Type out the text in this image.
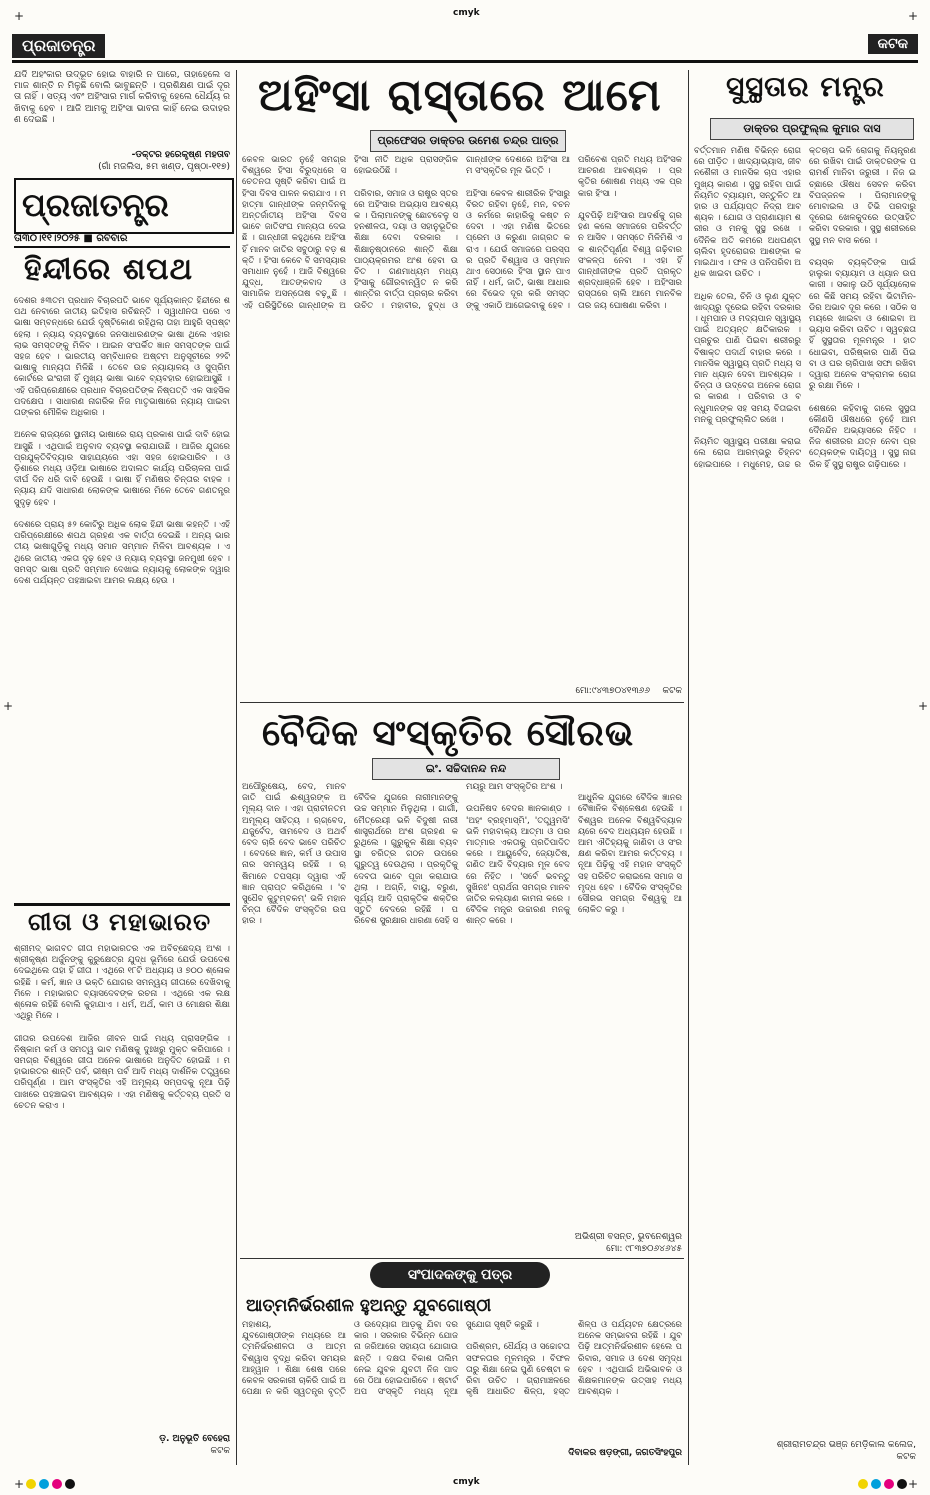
+	+
+	+
+	+
cmyk
cmyk
ପ୍ରଜାତନ୍ତ୍ର	କଟକ
ଯଦି ଅହଂକାର ଉଦ୍ଭୂତ ହୋଇ ବାହାରି ନ ପାରେ, ତାହାହେଲେ ସମାଜ ଶାନ୍ତି ନ ମିଳୁଛି ବୋଲି ଭାବୁଛନ୍ତି । ପ୍ରଶିକ୍ଷଣ ପାଇଁ ଦୂରତା ନାହିଁ । ସତ୍ୟ ଏବଂ ଅହିଂସାର ମାର୍ଗ କରିବାକୁ ହେଲେ ଧୈର୍ଯ୍ୟ ରଖିବାକୁ ହେବ । ଆଜି ଆମକୁ ଅହିଂସା ଭାବନା କାହିଁ ନେଇ ଉଦାହରଣ ଦେଇଛି ।
-ଡକ୍ଟର ହରେକୃଷ୍ଣ ମହତାବ
(ଗାଁ ମଜଲିସ, ୫ମ ଖଣ୍ଡ, ପୃଷ୍ଠା-୧୧୭)
ପ୍ରଜାତନ୍ତ୍ର
ତା୩୦।୧୧।୨୦୨୫ ■ ରବିବାର
ହିନ୍ଦୀରେ ଶପଥ
ଦେଶର ୫୩ତମ ପ୍ରଧାନ ବିଚାରପତି ଭାବେ ସୂର୍ଯ୍ୟକାନ୍ତ ହିନ୍ଦୀରେ ଶପଥ ନେବାରେ ଜାତୀୟ ଇତିହାସ ରଚିଛନ୍ତି । ସ୍ୱାଧୀନତା ପରେ ଏ ଭାଷା ସମ୍ବନ୍ଧରେ ଯେଉଁ ଦୃଷ୍ଟିକୋଣ ରହିଥିଲା ତାହା ଆହୁରି ସ୍ପଷ୍ଟ ହେଲା । ନ୍ୟାୟ ବ୍ୟବସ୍ଥାରେ ଜନସାଧାରଣଙ୍କ ଭାଷା ଥିଲେ ଏହାର ଲାଭ ସମସ୍ତଙ୍କୁ ମିଳିବ । ଆଇନ ସଂପର୍କିତ ଜ୍ଞାନ ସମସ୍ତଙ୍କ ପାଇଁ ସହଜ ହେବ । ଭାରତୀୟ ସମ୍ବିଧାନର ଅଷ୍ଟମ ଅନୁସୂଚୀରେ ୨୨ଟି ଭାଷାକୁ ମାନ୍ୟତା ମିଳିଛି । ତେବେ ଉଚ୍ଚ ନ୍ୟାୟାଳୟ ଓ ସୁପ୍ରିମ କୋର୍ଟରେ ଇଂରାଜୀ ହିଁ ମୁଖ୍ୟ ଭାଷା ଭାବେ ବ୍ୟବହାର ହୋଇଆସୁଛି । ଏହି ପରିପ୍ରେକ୍ଷୀରେ ପ୍ରଧାନ ବିଚାରପତିଙ୍କ ନିଷ୍ପତ୍ତି ଏକ ସାହସିକ ପଦକ୍ଷେପ । ସାଧାରଣ ନାଗରିକ ନିଜ ମାତୃଭାଷାରେ ନ୍ୟାୟ ପାଇବା ତାଙ୍କର ମୌଳିକ ଅଧିକାର ।

ଅନେକ ରାଜ୍ୟରେ ସ୍ଥାନୀୟ ଭାଷାରେ ରାୟ ପ୍ରକାଶ ପାଇଁ ଦାବି ହୋଇଆସୁଛି । ଏଥିପାଇଁ ଅନୁବାଦ ବ୍ୟବସ୍ଥା କରାଯାଉଛି । ଆଜିର ଯୁଗରେ ପ୍ରଯୁକ୍ତିବିଦ୍ୟାର ସାହାଯ୍ୟରେ ଏହା ସହଜ ହୋଇପାରିବ । ଓଡ଼ିଶାରେ ମଧ୍ୟ ଓଡ଼ିଆ ଭାଷାରେ ଅଦାଲତ କାର୍ଯ୍ୟ ପରିଚାଳନା ପାଇଁ ଦୀର୍ଘ ଦିନ ଧରି ଦାବି ହେଉଛି । ଭାଷା ହିଁ ମଣିଷର ଚିନ୍ତାର ବାହକ । ନ୍ୟାୟ ଯଦି ସାଧାରଣ ଲୋକଙ୍କ ଭାଷାରେ ମିଳେ ତେବେ ଗଣତନ୍ତ୍ର ସୁଦୃଢ଼ ହେବ ।

ଦେଶରେ ପ୍ରାୟ ୫୨ କୋଟିରୁ ଅଧିକ ଲୋକ ହିନ୍ଦୀ ଭାଷା କହନ୍ତି । ଏହି ପରିପ୍ରେକ୍ଷୀରେ ଶପଥ ଗ୍ରହଣ ଏକ ବାର୍ତ୍ତା ଦେଇଛି । ଅନ୍ୟ ଭାରତୀୟ ଭାଷାଗୁଡ଼ିକୁ ମଧ୍ୟ ସମାନ ସମ୍ମାନ ମିଳିବା ଆବଶ୍ୟକ । ଏଥିରେ ଜାତୀୟ ଏକତା ଦୃଢ଼ ହେବ ଓ ନ୍ୟାୟ ବ୍ୟବସ୍ଥା ଜନମୁଖୀ ହେବ । ସମସ୍ତ ଭାଷା ପ୍ରତି ସମ୍ମାନ ଦେଖାଇ ନ୍ୟାୟକୁ ଲୋକଙ୍କ ଦ୍ୱାର ଦେଶ ପର୍ଯ୍ୟନ୍ତ ପହଞ୍ଚାଇବା ଆମର ଲକ୍ଷ୍ୟ ହେଉ ।
ଗୀତା ଓ ମହାଭାରତ
ଶ୍ରୀମଦ୍ ଭାଗବତ ଗୀତା ମହାଭାରତର ଏକ ଅବିଚ୍ଛେଦ୍ୟ ଅଂଶ । ଶ୍ରୀକୃଷ୍ଣ ଅର୍ଜୁନଙ୍କୁ କୁରୁକ୍ଷେତ୍ର ଯୁଦ୍ଧ ଭୂମିରେ ଯେଉଁ ଉପଦେଶ ଦେଇଥିଲେ ତାହା ହିଁ ଗୀତା । ଏଥିରେ ୧୮ଟି ଅଧ୍ୟାୟ ଓ ୭୦୦ ଶ୍ଳୋକ ରହିଛି । କର୍ମ, ଜ୍ଞାନ ଓ ଭକ୍ତି ଯୋଗର ସମନ୍ୱୟ ଗୀତାରେ ଦେଖିବାକୁ ମିଳେ । ମହାଭାରତ ବ୍ୟାସଦେବଙ୍କ ରଚନା । ଏଥିରେ ଏକ ଲକ୍ଷ ଶ୍ଳୋକ ରହିଛି ବୋଲି କୁହାଯାଏ । ଧର୍ମ, ଅର୍ଥ, କାମ ଓ ମୋକ୍ଷର ଶିକ୍ଷା ଏଥିରୁ ମିଳେ ।

ଗୀତାର ଉପଦେଶ ଆଜିର ଜୀବନ ପାଇଁ ମଧ୍ୟ ପ୍ରାସଙ୍ଗିକ । ନିଷ୍କାମ କର୍ମ ଓ ସମତ୍ୱ ଭାବ ମଣିଷକୁ ଦୁଃଖରୁ ମୁକ୍ତ କରିପାରେ । ସମଗ୍ର ବିଶ୍ୱରେ ଗୀତା ଅନେକ ଭାଷାରେ ଅନୁଦିତ ହୋଇଛି । ମହାଭାରତର ଶାନ୍ତି ପର୍ବ, ଭୀଷ୍ମ ପର୍ବ ଆଦି ମଧ୍ୟ ଦାର୍ଶନିକ ତତ୍ତ୍ୱରେ ପରିପୂର୍ଣ୍ଣ । ଆମ ସଂସ୍କୃତିର ଏହି ଅମୂଲ୍ୟ ସମ୍ପଦକୁ ନୂଆ ପିଢ଼ି ପାଖରେ ପହଞ୍ଚାଇବା ଆବଶ୍ୟକ । ଏହା ମଣିଷକୁ କର୍ତ୍ତବ୍ୟ ପ୍ରତି ସଚେତନ କରାଏ ।
ଡ଼. ଅନୁଭୂତି ବେହେରା
କଟକ
ଅହିଂସା ରାସ୍ତାରେ ଆମେ
ପ୍ରଫେସର ଡାକ୍ତର ଉମେଶ ଚନ୍ଦ୍ର ପାତ୍ର
କେବଳ ଭାରତ ନୁହେଁ ସମଗ୍ର ବିଶ୍ୱରେ ହିଂସା ବିରୁଦ୍ଧରେ ସଚେତନତା ସୃଷ୍ଟି କରିବା ପାଇଁ ଅହିଂସା ଦିବସ ପାଳନ କରାଯାଏ । ମହାତ୍ମା ଗାନ୍ଧୀଙ୍କ ଜନ୍ମଦିନକୁ ଅନ୍ତର୍ଜାତୀୟ ଅହିଂସା ଦିବସ ଭାବେ ଜାତିସଂଘ ମାନ୍ୟତା ଦେଇଛି । ଗାନ୍ଧୀଜୀ କହୁଥିଲେ ଅହିଂସା ହିଁ ମାନବ ଜାତିର ସବୁଠାରୁ ବଡ଼ ଶକ୍ତି । ହିଂସା କେବେ ବି ସମସ୍ୟାର ସମାଧାନ ନୁହେଁ । ଆଜି ବିଶ୍ୱରେ ଯୁଦ୍ଧ, ଆତଙ୍କବାଦ ଓ ସାମାଜିକ ଅସନ୍ତୋଷ ବଢ଼ୁଛି । ଏହି ପରିସ୍ଥିତିରେ ଗାନ୍ଧୀଙ୍କ ଅହିଂସା ନୀତି ଅଧିକ ପ୍ରାସଙ୍ଗିକ ହୋଇଉଠିଛି ।

ପରିବାର, ସମାଜ ଓ ରାଷ୍ଟ୍ର ସ୍ତରରେ ଅହିଂସାର ଅଭ୍ୟାସ ଆବଶ୍ୟକ । ପିଲାମାନଙ୍କୁ ଛୋଟବେଳୁ ସହନଶୀଳତା, ଦୟା ଓ ସହାନୁଭୂତିର ଶିକ୍ଷା ଦେବା ଦରକାର । ଶିକ୍ଷାନୁଷ୍ଠାନରେ ଶାନ୍ତି ଶିକ୍ଷା ପାଠ୍ୟକ୍ରମର ଅଂଶ ହେବା ଉଚିତ । ଗଣମାଧ୍ୟମ ମଧ୍ୟ ହିଂସାକୁ ଗୌରବାନ୍ୱିତ ନ କରି ଶାନ୍ତିର ବାର୍ତ୍ତା ପ୍ରଚାର କରିବା ଉଚିତ । ମହାବୀର, ବୁଦ୍ଧ ଓ ଗାନ୍ଧୀଙ୍କ ଦେଶରେ ଅହିଂସା ଆମ ସଂସ୍କୃତିର ମୂଳ ଭିତ୍ତି ।

ଅହିଂସା କେବଳ ଶାରୀରିକ ହିଂସାରୁ ବିରତ ରହିବା ନୁହେଁ, ମନ, ବଚନ ଓ କର୍ମରେ କାହାରିକୁ କଷ୍ଟ ନ ଦେବା । ଏହା ମଣିଷ ଭିତରେ ପ୍ରେମ ଓ କରୁଣା ଜାଗ୍ରତ କରାଏ । ଯେଉଁ ସମାଜରେ ପରସ୍ପର ପ୍ରତି ବିଶ୍ୱାସ ଓ ସମ୍ମାନ ଥାଏ ସେଠାରେ ହିଂସା ସ୍ଥାନ ପାଏ ନାହିଁ । ଧର୍ମ, ଜାତି, ଭାଷା ଆଧାରରେ ବିଭେଦ ଦୂର କରି ସମସ୍ତଙ୍କୁ ଏକାଠି ଆଗେଇବାକୁ ହେବ । ପରିବେଶ ପ୍ରତି ମଧ୍ୟ ଅହିଂସକ ଆଚରଣ ଆବଶ୍ୟକ । ପ୍ରକୃତିର ଶୋଷଣ ମଧ୍ୟ ଏକ ପ୍ରକାର ହିଂସା ।

ଯୁବପିଢ଼ି ଅହିଂସାର ଆଦର୍ଶକୁ ଗ୍ରହଣ କଲେ ସମାଜରେ ପରିବର୍ତ୍ତନ ଆସିବ । ସମସ୍ତେ ମିଳିମିଶି ଏକ ଶାନ୍ତିପୂର୍ଣ୍ଣ ବିଶ୍ୱ ଗଢ଼ିବାର ସଂକଳ୍ପ ନେବା । ଏହା ହିଁ ଗାନ୍ଧୀଜୀଙ୍କ ପ୍ରତି ପ୍ରକୃତ ଶ୍ରଦ୍ଧାଞ୍ଜଳି ହେବ । ଅହିଂସାର ରାସ୍ତାରେ ଚାଲି ଆମେ ମାନବିକତାର ଜୟ ଘୋଷଣା କରିବା ।
ମୋ:୯୪୩୭୦୪୧୩୬୬	କଟକ
ବୈଦିକ ସଂସ୍କୃତିର ସୌରଭ
ଇଂ. ସଚ୍ଚିଦାନନ୍ଦ ନନ୍ଦ
ଅପୌରୁଷେୟ, ବେଦ, ମାନବ ଜାତି ପାଇଁ ଈଶ୍ୱରଙ୍କ ଅମୂଲ୍ୟ ଦାନ । ଏହା ପ୍ରାଚୀନତମ ଅମୂଲ୍ୟ ସାହିତ୍ୟ । ଋଗ୍ବେଦ, ଯଜୁର୍ବେଦ, ସାମବେଦ ଓ ଅଥର୍ବବେଦ ଚାରି ବେଦ ଭାବେ ପରିଚିତ । ବେଦରେ ଜ୍ଞାନ, କର୍ମ ଓ ଉପାସନାର ସମନ୍ୱୟ ରହିଛି । ଋଷିମାନେ ତପସ୍ୟା ଦ୍ୱାରା ଏହି ଜ୍ଞାନ ପ୍ରାପ୍ତ କରିଥିଲେ । 'ବସୁଧୈବ କୁଟୁମ୍ବକମ୍' ଭଳି ମହାନ ଚିନ୍ତା ବୈଦିକ ସଂସ୍କୃତିର ଉପହାର ।

ବୈଦିକ ଯୁଗରେ ନାରୀମାନଙ୍କୁ ଉଚ୍ଚ ସମ୍ମାନ ମିଳୁଥିଲା । ଗାର୍ଗୀ, ମୈତ୍ରେୟୀ ଭଳି ବିଦୁଷୀ ନାରୀ ଶାସ୍ତ୍ରାର୍ଥରେ ଅଂଶ ଗ୍ରହଣ କରୁଥିଲେ । ଗୁରୁକୁଳ ଶିକ୍ଷା ବ୍ୟବସ୍ଥା ଚରିତ୍ର ଗଠନ ଉପରେ ଗୁରୁତ୍ୱ ଦେଉଥିଲା । ପ୍ରକୃତିକୁ ଦେବତା ଭାବେ ପୂଜା କରାଯାଉଥିଲା । ଅଗ୍ନି, ବାୟୁ, ବରୁଣ, ସୂର୍ଯ୍ୟ ଆଦି ପ୍ରାକୃତିକ ଶକ୍ତିର ସ୍ତୁତି ବେଦରେ ରହିଛି । ପରିବେଶ ସୁରକ୍ଷାର ଧାରଣା ସେହି ସମୟରୁ ଆମ ସଂସ୍କୃତିର ଅଂଶ ।

ଉପନିଷଦ ବେଦର ଜ୍ଞାନକାଣ୍ଡ । 'ଅହଂ ବ୍ରହ୍ମାସ୍ମି', 'ତତ୍ତ୍ୱମସି' ଭଳି ମହାବାକ୍ୟ ଆତ୍ମା ଓ ପରମାତ୍ମାର ଏକତାକୁ ପ୍ରତିପାଦିତ କରେ । ଆୟୁର୍ବେଦ, ଜ୍ୟୋତିଷ, ଗଣିତ ଆଦି ବିଦ୍ୟାର ମୂଳ ବେଦରେ ନିହିତ । 'ସର୍ବେ ଭବନ୍ତୁ ସୁଖିନଃ' ପ୍ରାର୍ଥନା ସମଗ୍ର ମାନବ ଜାତିର କଲ୍ୟାଣ କାମନା କରେ । ବୈଦିକ ମନ୍ତ୍ର ଉଚ୍ଚାରଣ ମନକୁ ଶାନ୍ତ କରେ ।

ଆଧୁନିକ ଯୁଗରେ ବୈଦିକ ଜ୍ଞାନର ବୈଜ୍ଞାନିକ ବିଶ୍ଳେଷଣ ହେଉଛି । ବିଶ୍ୱର ଅନେକ ବିଶ୍ୱବିଦ୍ୟାଳୟରେ ବେଦ ଅଧ୍ୟୟନ ହେଉଛି । ଆମ ଐତିହ୍ୟକୁ ଜାଣିବା ଓ ସଂରକ୍ଷଣ କରିବା ଆମର କର୍ତ୍ତବ୍ୟ । ନୂଆ ପିଢ଼ିକୁ ଏହି ମହାନ ସଂସ୍କୃତି ସହ ପରିଚିତ କରାଇଲେ ସମାଜ ସମୃଦ୍ଧ ହେବ । ବୈଦିକ ସଂସ୍କୃତିର ସୌରଭ ସମଗ୍ର ବିଶ୍ୱକୁ ଆଲୋକିତ କରୁ ।
ଅଭିଶ୍ରୀ ବସନ୍ତ, ଭୁବନେଶ୍ୱର
ମୋ: ୯୮୩୭୦୬୪୬୪୫
ସଂପାଦକଙ୍କୁ ପତ୍ର
ଆତ୍ମନିର୍ଭରଶୀଳ ହୁଅନ୍ତୁ ଯୁବଗୋଷ୍ଠୀ
ମହାଶୟ,
ଯୁବଗୋଷ୍ଠୀଙ୍କ ମଧ୍ୟରେ ଆତ୍ମନିର୍ଭରଶୀଳତା ଓ ଆତ୍ମବିଶ୍ୱାସ ବୃଦ୍ଧି କରିବା ସମୟର ଆହ୍ୱାନ । ଶିକ୍ଷା ଶେଷ ପରେ କେବଳ ସରକାରୀ ଚାକିରି ପାଇଁ ଅପେକ୍ଷା ନ କରି ସ୍ୱତନ୍ତ୍ର ବୃତ୍ତି ଓ ଉଦ୍ୟୋଗ ଆଡ଼କୁ ଯିବା ଦରକାର । ସରକାର ବିଭିନ୍ନ ଯୋଜନା ଜରିଆରେ ସହାୟତା ଯୋଗାଉଛନ୍ତି । ଦକ୍ଷତା ବିକାଶ ତାଲିମ ନେଇ ଯୁବକ ଯୁବତୀ ନିଜ ପାଦରେ ଠିଆ ହୋଇପାରିବେ । ଷ୍ଟାର୍ଟଅପ ସଂସ୍କୃତି ମଧ୍ୟ ନୂଆ ସୁଯୋଗ ସୃଷ୍ଟି କରୁଛି ।

ପରିଶ୍ରମ, ଧୈର୍ଯ୍ୟ ଓ ସଚ୍ଚୋଟତା ସଫଳତାର ମୂଳମନ୍ତ୍ର । ବିଫଳତାରୁ ଶିକ୍ଷା ନେଇ ପୁଣି ଚେଷ୍ଟା କରିବା ଉଚିତ । ଗ୍ରାମାଞ୍ଚଳରେ କୃଷି ଆଧାରିତ ଶିଳ୍ପ, ହସ୍ତଶିଳ୍ପ ଓ ପର୍ଯ୍ୟଟନ କ୍ଷେତ୍ରରେ ଅନେକ ସମ୍ଭାବନା ରହିଛି । ଯୁବପିଢ଼ି ଆତ୍ମନିର୍ଭରଶୀଳ ହେଲେ ପରିବାର, ସମାଜ ଓ ଦେଶ ସମୃଦ୍ଧ ହେବ । ଏଥିପାଇଁ ଅଭିଭାବକ ଓ ଶିକ୍ଷକମାନଙ୍କ ଉତ୍ସାହ ମଧ୍ୟ ଆବଶ୍ୟକ ।
ଦିବାକର ଷଡ଼ଙ୍ଗୀ, ଜଗତସିଂହପୁର
ସୁସ୍ଥତାର ମନ୍ତ୍ର
ଡାକ୍ତର ପ୍ରଫୁଲ୍ଲ କୁମାର ଦାସ
ବର୍ତ୍ତମାନ ମଣିଷ ବିଭିନ୍ନ ରୋଗରେ ପୀଡ଼ିତ । ଖାଦ୍ୟାଭ୍ୟାସ, ଜୀବନଶୈଳୀ ଓ ମାନସିକ ଚାପ ଏହାର ମୁଖ୍ୟ କାରଣ । ସୁସ୍ଥ ରହିବା ପାଇଁ ନିୟମିତ ବ୍ୟାୟାମ, ସନ୍ତୁଳିତ ଆହାର ଓ ପର୍ଯ୍ୟାପ୍ତ ନିଦ୍ରା ଆବଶ୍ୟକ । ଯୋଗ ଓ ପ୍ରାଣାୟାମ ଶରୀର ଓ ମନକୁ ସୁସ୍ଥ ରଖେ । ଦୈନିକ ଅତି କମରେ ଅଧଘଣ୍ଟା ଚାଲିବା ହୃଦରୋଗର ଆଶଙ୍କା କମାଇଥାଏ । ଫଳ ଓ ପନିପରିବା ଅଧିକ ଖାଇବା ଉଚିତ ।

ଅଧିକ ତେଲ, ଚିନି ଓ ଲୁଣ ଯୁକ୍ତ ଖାଦ୍ୟରୁ ଦୂରେଇ ରହିବା ଦରକାର । ଧୂମପାନ ଓ ମଦ୍ୟପାନ ସ୍ୱାସ୍ଥ୍ୟ ପାଇଁ ଅତ୍ୟନ୍ତ କ୍ଷତିକାରକ । ପ୍ରଚୁର ପାଣି ପିଇବା ଶରୀରରୁ ବିଷାକ୍ତ ପଦାର୍ଥ ବାହାର କରେ । ମାନସିକ ସ୍ୱାସ୍ଥ୍ୟ ପ୍ରତି ମଧ୍ୟ ସମାନ ଧ୍ୟାନ ଦେବା ଆବଶ୍ୟକ । ଚିନ୍ତା ଓ ଉଦ୍‌ବେଗ ଅନେକ ରୋଗର କାରଣ । ପରିବାର ଓ ବନ୍ଧୁମାନଙ୍କ ସହ ସମୟ ବିତାଇବା ମନକୁ ପ୍ରଫୁଲ୍ଲିତ ରଖେ ।

ନିୟମିତ ସ୍ୱାସ୍ଥ୍ୟ ପରୀକ୍ଷା କରାଇଲେ ରୋଗ ଆରମ୍ଭରୁ ଚିହ୍ନଟ ହୋଇପାରେ । ମଧୁମେହ, ଉଚ୍ଚ ରକ୍ତଚାପ ଭଳି ରୋଗକୁ ନିୟନ୍ତ୍ରଣରେ ରଖିବା ପାଇଁ ଡାକ୍ତରଙ୍କ ପରାମର୍ଶ ମାନିବା ଜରୁରୀ । ନିଜ ଇଚ୍ଛାରେ ଔଷଧ ସେବନ କରିବା ବିପଜ୍ଜନକ । ପିଲାମାନଙ୍କୁ ମୋବାଇଲ ଓ ଟିଭି ପରଦାରୁ ଦୂରେଇ ଖେଳକୁଦରେ ଉତ୍ସାହିତ କରିବା ଦରକାର । ସୁସ୍ଥ ଶରୀରରେ ସୁସ୍ଥ ମନ ବାସ କରେ ।

ବୟସ୍କ ବ୍ୟକ୍ତିଙ୍କ ପାଇଁ ହାଲୁକା ବ୍ୟାୟାମ ଓ ଧ୍ୟାନ ଉପକାରୀ । ସକାଳୁ ଉଠି ସୂର୍ଯ୍ୟାଲୋକରେ କିଛି ସମୟ ରହିବା ଭିଟାମିନ-ଡିର ଅଭାବ ଦୂର କରେ । ସଠିକ ସମୟରେ ଖାଇବା ଓ ଶୋଇବା ଅଭ୍ୟାସ କରିବା ଉଚିତ । ସ୍ୱଚ୍ଛତା ହିଁ ସୁସ୍ଥତାର ମୂଳମନ୍ତ୍ର । ହାତ ଧୋଇବା, ପରିଷ୍କାର ପାଣି ପିଇବା ଓ ଘର ଚାରିପାଖ ସଫା ରଖିବା ଦ୍ୱାରା ଅନେକ ସଂକ୍ରାମକ ରୋଗରୁ ରକ୍ଷା ମିଳେ ।

ଶେଷରେ କହିବାକୁ ଗଲେ ସୁସ୍ଥତା କୌଣସି ଔଷଧରେ ନୁହେଁ ଆମ ଦୈନନ୍ଦିନ ଅଭ୍ୟାସରେ ନିହିତ । ନିଜ ଶରୀରର ଯତ୍ନ ନେବା ପ୍ରତ୍ୟେକଙ୍କ ଦାୟିତ୍ୱ । ସୁସ୍ଥ ନାଗରିକ ହିଁ ସୁସ୍ଥ ରାଷ୍ଟ୍ର ଗଢ଼ିପାରେ ।
ଶ୍ରୀରାମଚନ୍ଦ୍ର ଭଞ୍ଜ ମେଡ଼ିକାଲ କଲେଜ,
କଟକ
